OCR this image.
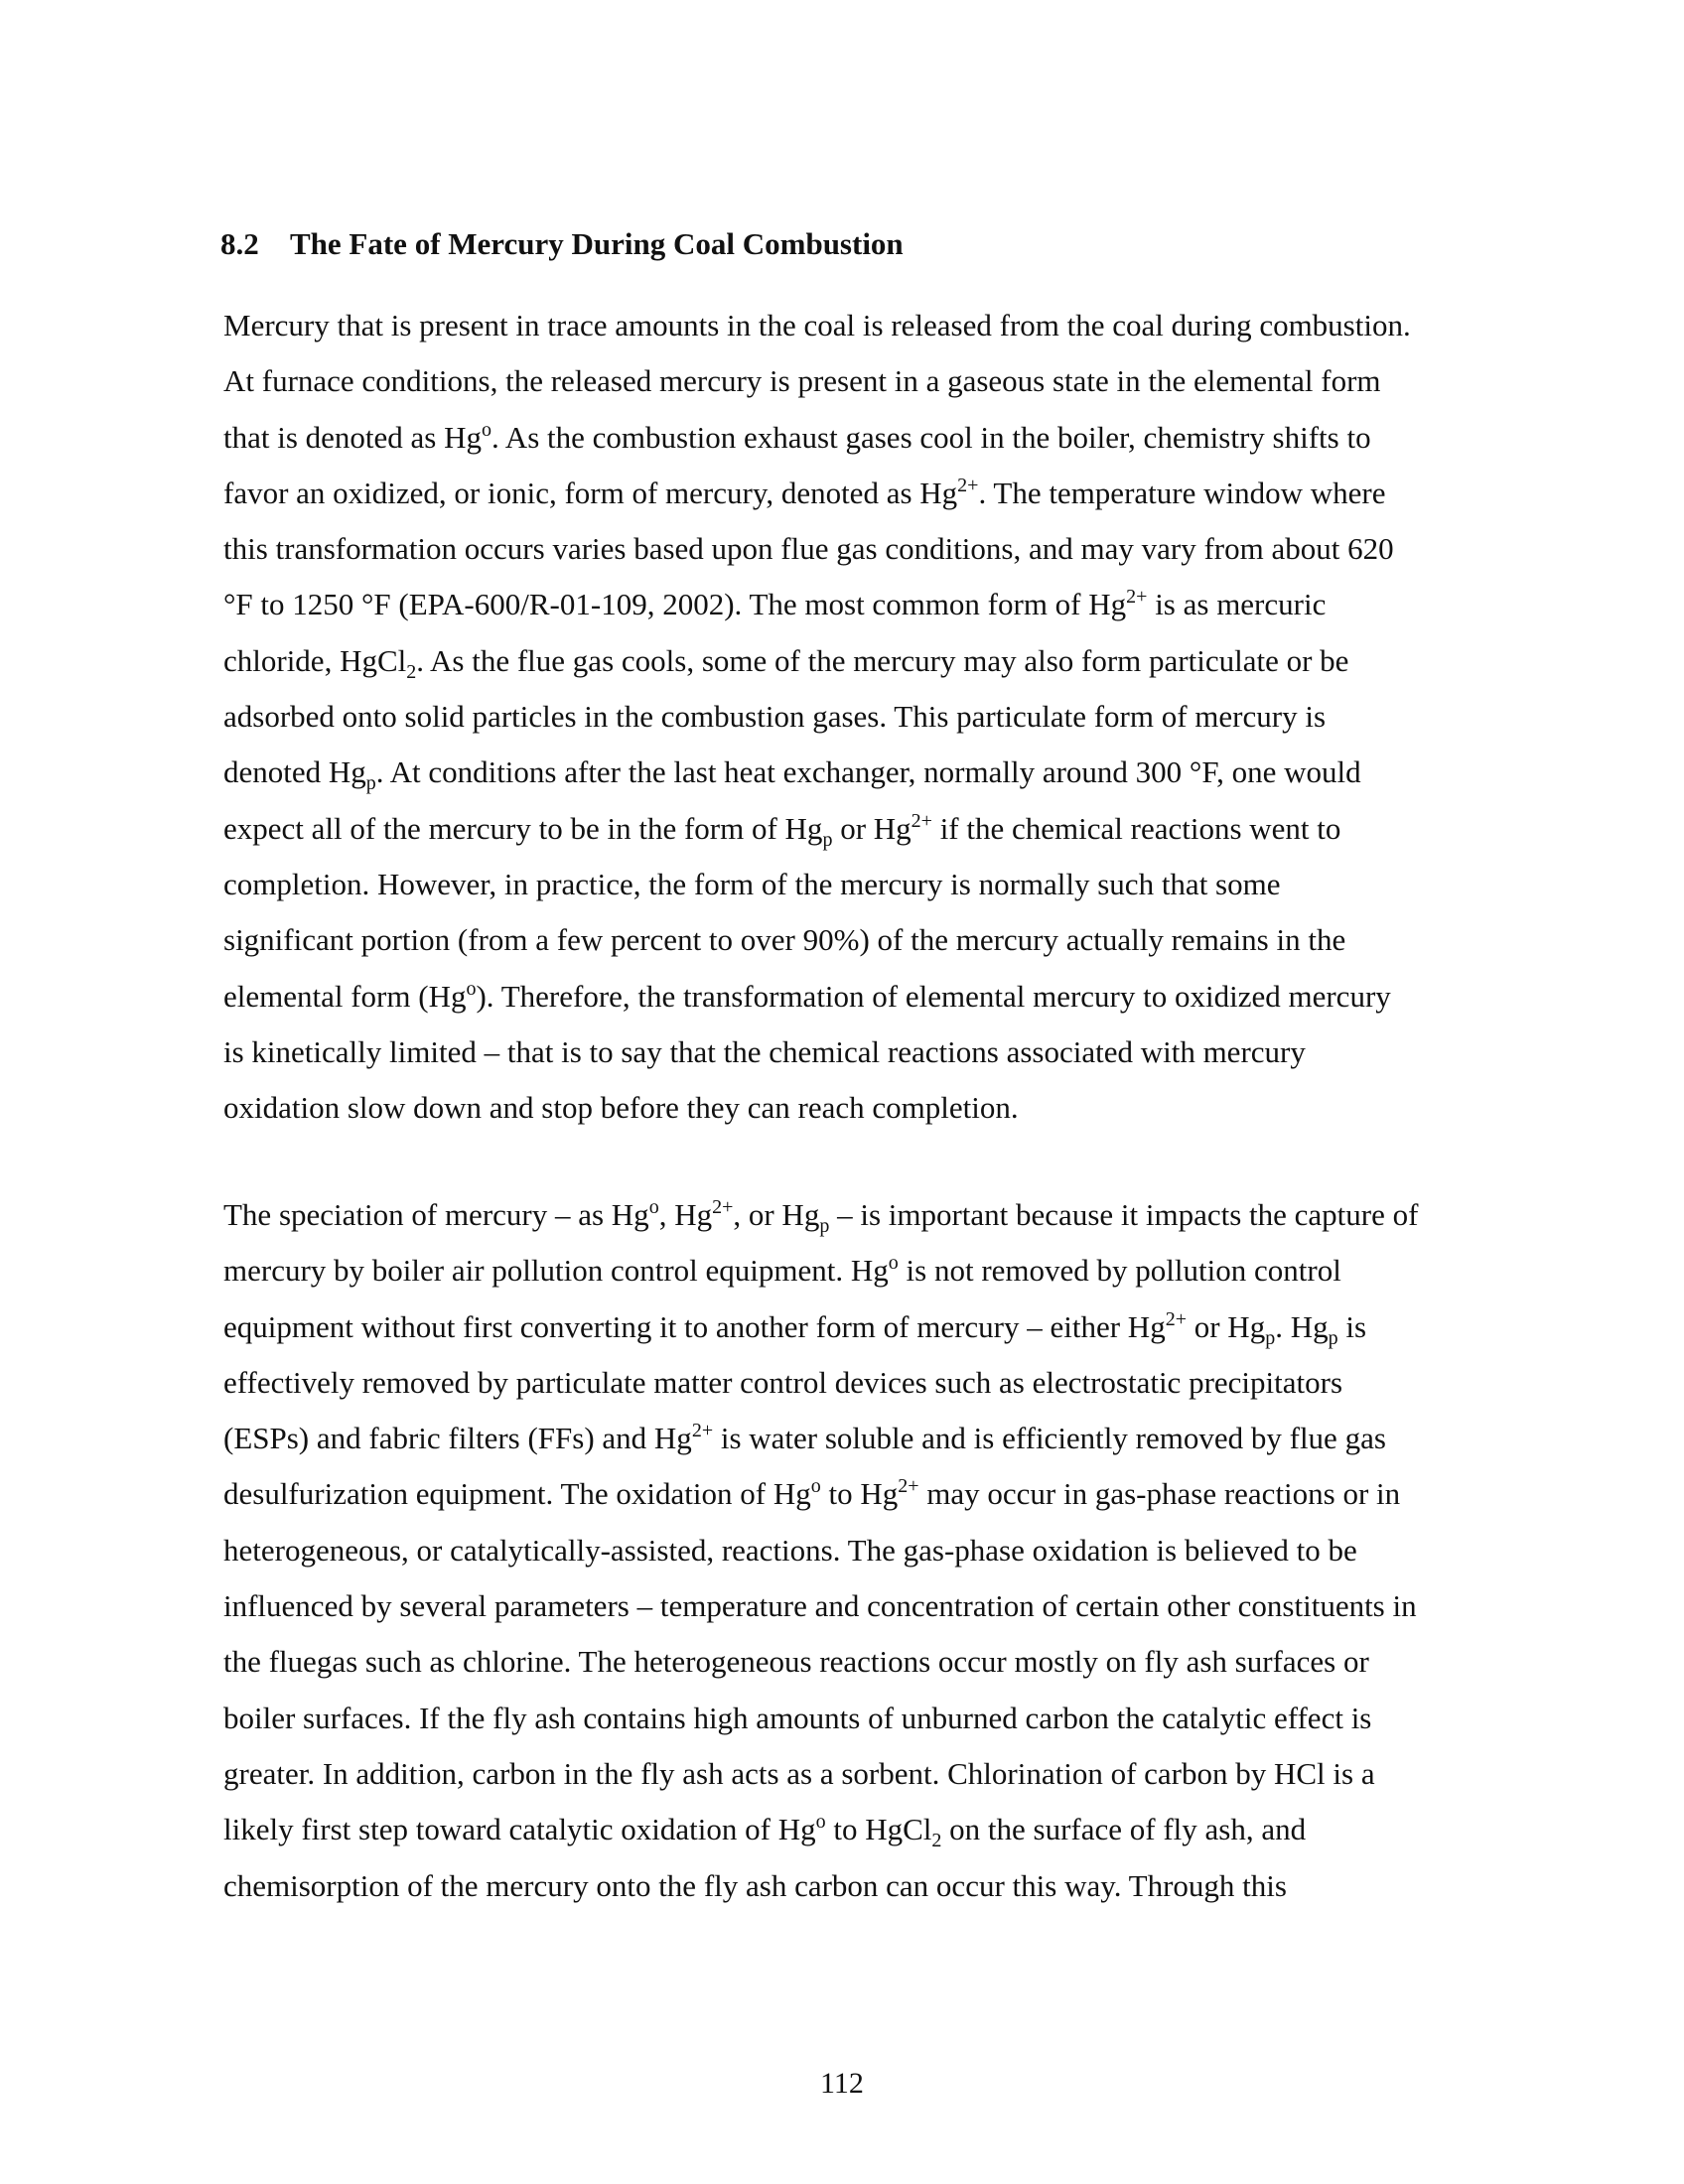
8.2 The Fate of Mercury During Coal Combustion
Mercury that is present in trace amounts in the coal is released from the coal during combustion.
At furnace conditions, the released mercury is present in a gaseous state in the elemental form
that is denoted as Hg$^o$. As the combustion exhaust gases cool in the boiler, chemistry shifts to
favor an oxidized, or ionic, form of mercury, denoted as $Hg^{2+}$. The temperature window where
this transformation occurs varies based upon flue gas conditions, and may vary from about 620
°F to 1250 °F (EPA-600/R-01-109, 2002). The most common form of $Hg^{2+}$ is as mercuric
chloride, HgCl$_2$. As the flue gas cools, some of the mercury may also form particulate or be
adsorbed onto solid particles in the combustion gases. This particulate form of mercury is
denoted $Hg_p$. At conditions after the last heat exchanger, normally around 300 °F, one would
expect all of the mercury to be in the form of $Hg_p$ or $Hg^{2+}$ if the chemical reactions went to
completion. However, in practice, the form of the mercury is normally such that some
significant portion (from a few percent to over 90%) of the mercury actually remains in the
elemental form (Hg$^o$). Therefore, the transformation of elemental mercury to oxidized mercury
is kinetically limited – that is to say that the chemical reactions associated with mercury
oxidation slow down and stop before they can reach completion.
The speciation of mercury – as Hg$^o$, $Hg^{2+}$, or $Hg_p$ – is important because it impacts the capture of
mercury by boiler air pollution control equipment. Hg$^o$ is not removed by pollution control
equipment without first converting it to another form of mercury – either $Hg^{2+}$ or $Hg_p$. $Hg_p$ is
effectively removed by particulate matter control devices such as electrostatic precipitators
(ESPs) and fabric filters (FFs) and $Hg^{2+}$ is water soluble and is efficiently removed by flue gas
desulfurization equipment. The oxidation of Hg$^o$ to $Hg^{2+}$ may occur in gas-phase reactions or in
heterogeneous, or catalytically-assisted, reactions. The gas-phase oxidation is believed to be
influenced by several parameters – temperature and concentration of certain other constituents in
the fluegas such as chlorine. The heterogeneous reactions occur mostly on fly ash surfaces or
boiler surfaces. If the fly ash contains high amounts of unburned carbon the catalytic effect is
greater. In addition, carbon in the fly ash acts as a sorbent. Chlorination of carbon by HCl is a
likely first step toward catalytic oxidation of Hg$^o$ to HgCl$_2$ on the surface of fly ash, and
chemisorption of the mercury onto the fly ash carbon can occur this way. Through this
112
